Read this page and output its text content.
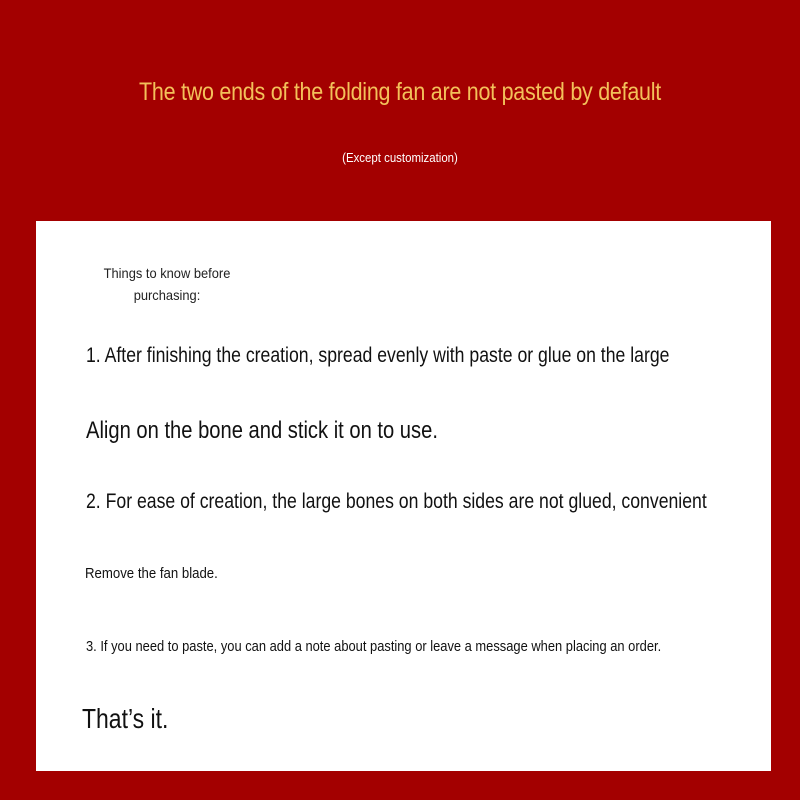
The two ends of the folding fan are not pasted by default
(Except customization)
Things to know before purchasing:
1. After finishing the creation, spread evenly with paste or glue on the large
Align on the bone and stick it on to use.
2. For ease of creation, the large bones on both sides are not glued, convenient
Remove the fan blade.
3. If you need to paste, you can add a note about pasting or leave a message when placing an order.
That’s it.
